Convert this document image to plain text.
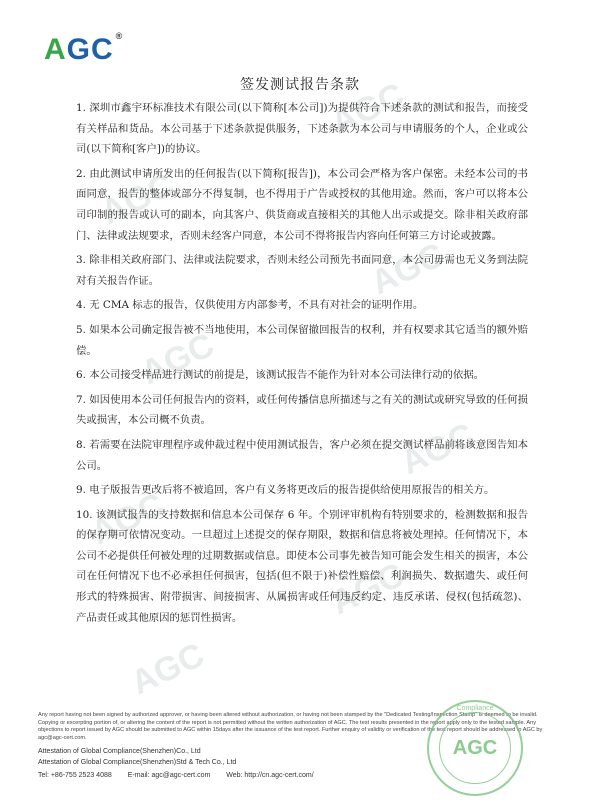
AGC
AGC
AGC
AGC
AGC
AGC
AGC
AGC
A GC®
签发测试报告条款

1. 深圳市鑫宇环标准技术有限公司(以下简称[本公司])为提供符合下述条款的测试和报告，而接受有关样品和货品。本公司基于下述条款提供服务，下述条款为本公司与申请服务的个人，企业或公司(以下简称[客户])的协议。

2. 由此测试申请所发出的任何报告(以下简称[报告])，本公司会严格为客户保密。未经本公司的书面同意，报告的整体或部分不得复制，也不得用于广告或授权的其他用途。然而，客户可以将本公司印制的报告或认可的副本，向其客户、供货商或直接相关的其他人出示或提交。除非相关政府部门、法律或法规要求，否则未经客户同意，本公司不得将报告内容向任何第三方讨论或披露。

3. 除非相关政府部门、法律或法院要求，否则未经公司预先书面同意，本公司毋需也无义务到法院对有关报告作证。

4. 无 CMA 标志的报告，仅供使用方内部参考，不具有对社会的证明作用。

5. 如果本公司确定报告被不当地使用，本公司保留撤回报告的权利，并有权要求其它适当的额外赔偿。

6. 本公司接受样品进行测试的前提是，该测试报告不能作为针对本公司法律行动的依据。

7. 如因使用本公司任何报告内的资料，或任何传播信息所描述与之有关的测试或研究导致的任何损失或损害，本公司概不负责。

8. 若需要在法院审理程序或仲裁过程中使用测试报告，客户必须在提交测试样品前将该意图告知本公司。

9. 电子版报告更改后将不被追回，客户有义务将更改后的报告提供给使用原报告的相关方。

10. 该测试报告的支持数据和信息本公司保存 6 年。个别评审机构有特别要求的，检测数据和报告的保存期可依情况变动。一旦超过上述提交的保存期限，数据和信息将被处理掉。任何情况下，本公司不必提供任何被处理的过期数据或信息。即使本公司事先被告知可能会发生相关的损害，本公司在任何情况下也不必承担任何损害，包括(但不限于)补偿性赔偿、利润损失、数据遗失、或任何形式的特殊损害、附带损害、间接损害、从属损害或任何违反约定、违反承诺、侵权(包括疏忽)、产品责任或其他原因的惩罚性损害。

Any report having not been signed by authorized approver, or having been altered without authorization, or having not been stamped by the "Dedicated Testing/Inspection Stamp" is deemed to be invalid. Copying or excerpting portion of, or altering the content of the report is not permitted without the written authorization of AGC. The test results presented in the report apply only to the tested sample. Any objections to report issued by AGC should be submitted to AGC within 15days after the issuance of the test report. Further enquiry of validity or verification of the test report should be addressed to AGC by agc@agc-cert.com.
Attestation of Global Compliance(Shenzhen)Co., Ltd
Attestation of Global Compliance(Shenzhen)Std & Tech Co., Ltd
Tel: +86-755 2523 4088 E-mail: agc@agc-cert.com Web: http://cn.agc-cert.com/
Compliance
AGC
